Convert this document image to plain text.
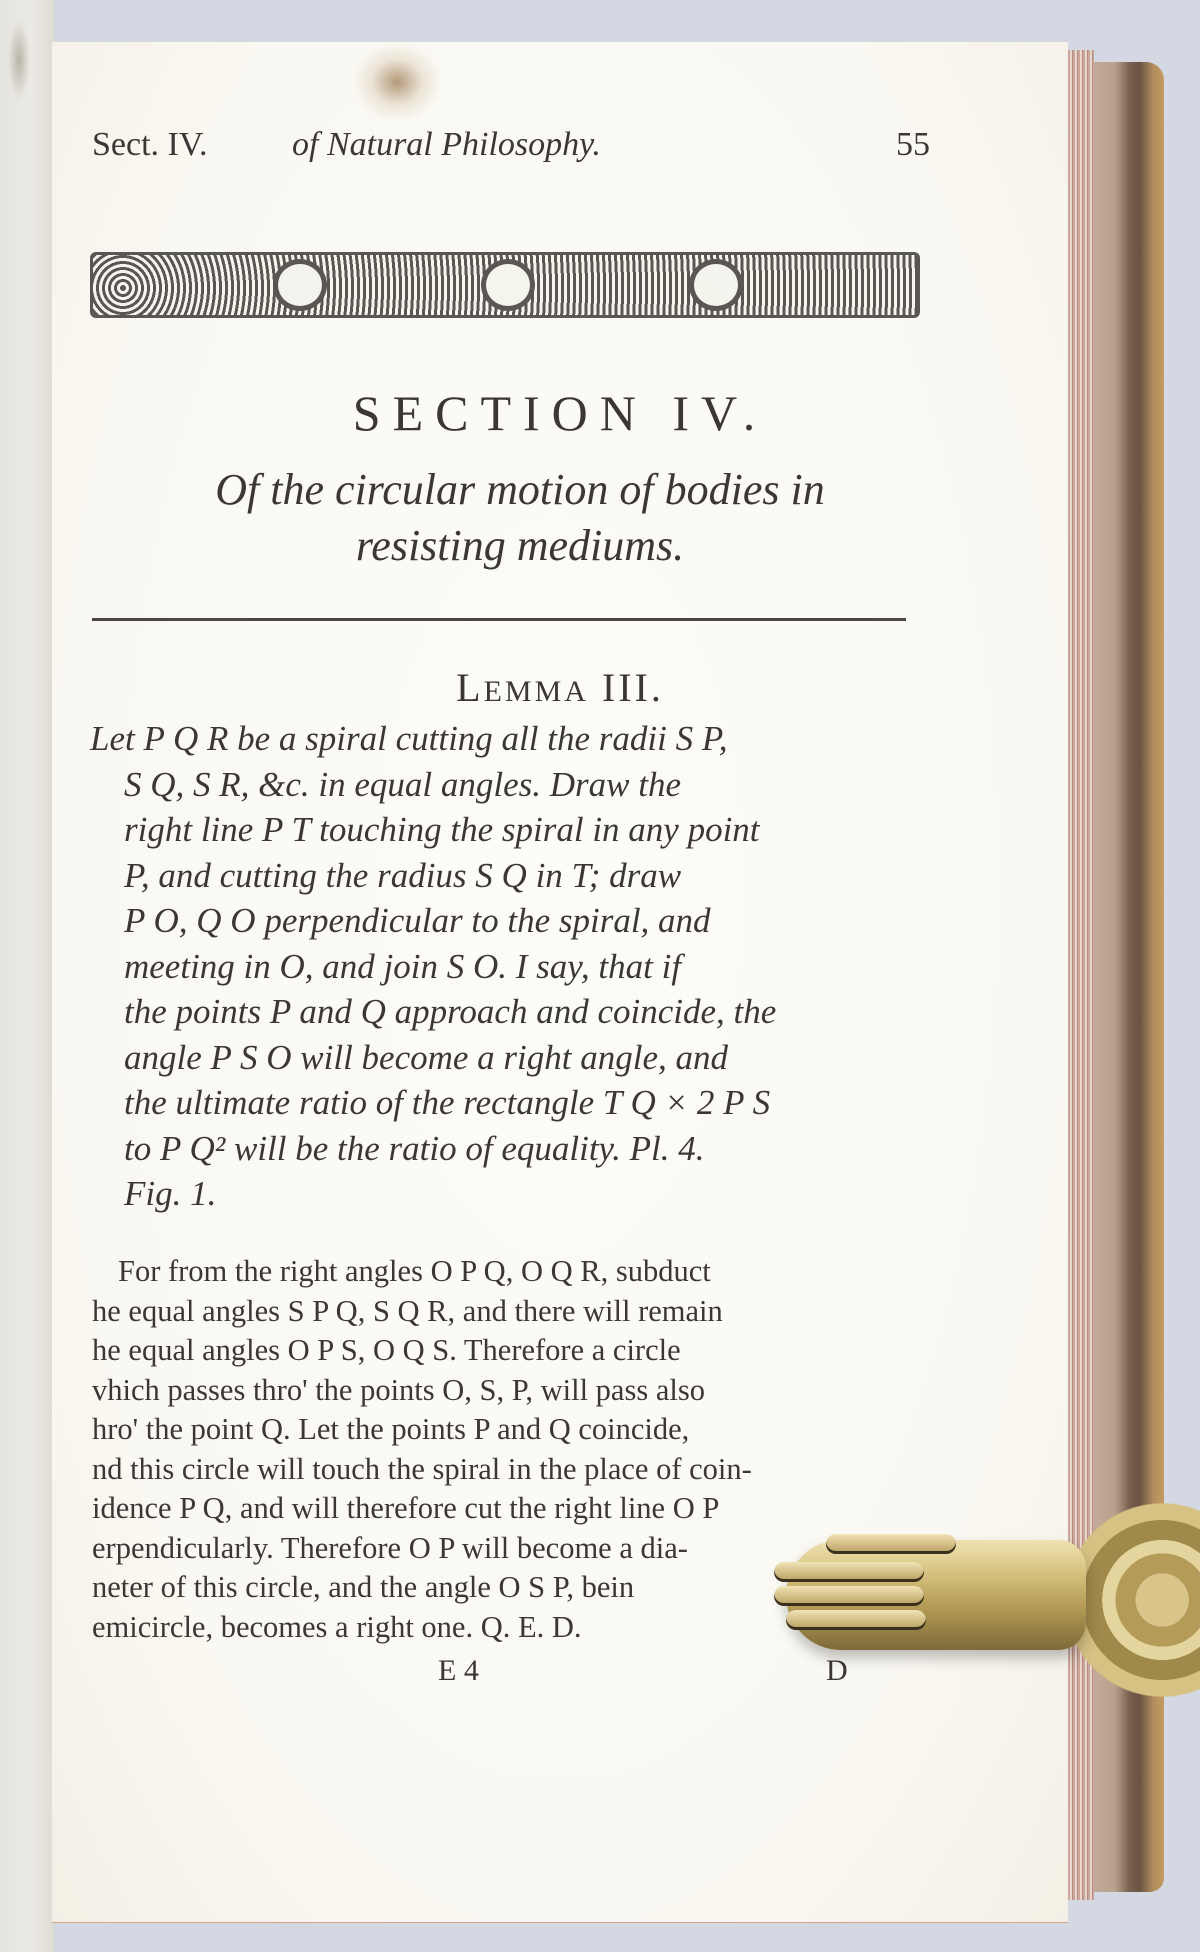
Sect. IV. of Natural Philosophy.	55
SECTION IV.
Of the circular motion of bodies in
resisting mediums.
LEMMA III.
Let P Q R be a spiral cutting all the radii S P,
S Q, S R, &c. in equal angles. Draw the
right line P T touching the spiral in any point
P, and cutting the radius S Q in T; draw
P O, Q O perpendicular to the spiral, and
meeting in O, and join S O. I say, that if
the points P and Q approach and coincide, the
angle P S O will become a right angle, and
the ultimate ratio of the rectangle T Q × 2 P S
to P Q² will be the ratio of equality. Pl. 4.
Fig. 1.
For from the right angles O P Q, O Q R, subduct
he equal angles S P Q, S Q R, and there will remain
he equal angles O P S, O Q S. Therefore a circle
vhich passes thro' the points O, S, P, will pass also
hro' the point Q. Let the points P and Q coincide,
nd this circle will touch the spiral in the place of coin-
idence P Q, and will therefore cut the right line O P
erpendicularly. Therefore O P will become a dia-
neter of this circle, and the angle O S P, bein
emicircle, becomes a right one. Q. E. D.
E 4	D
